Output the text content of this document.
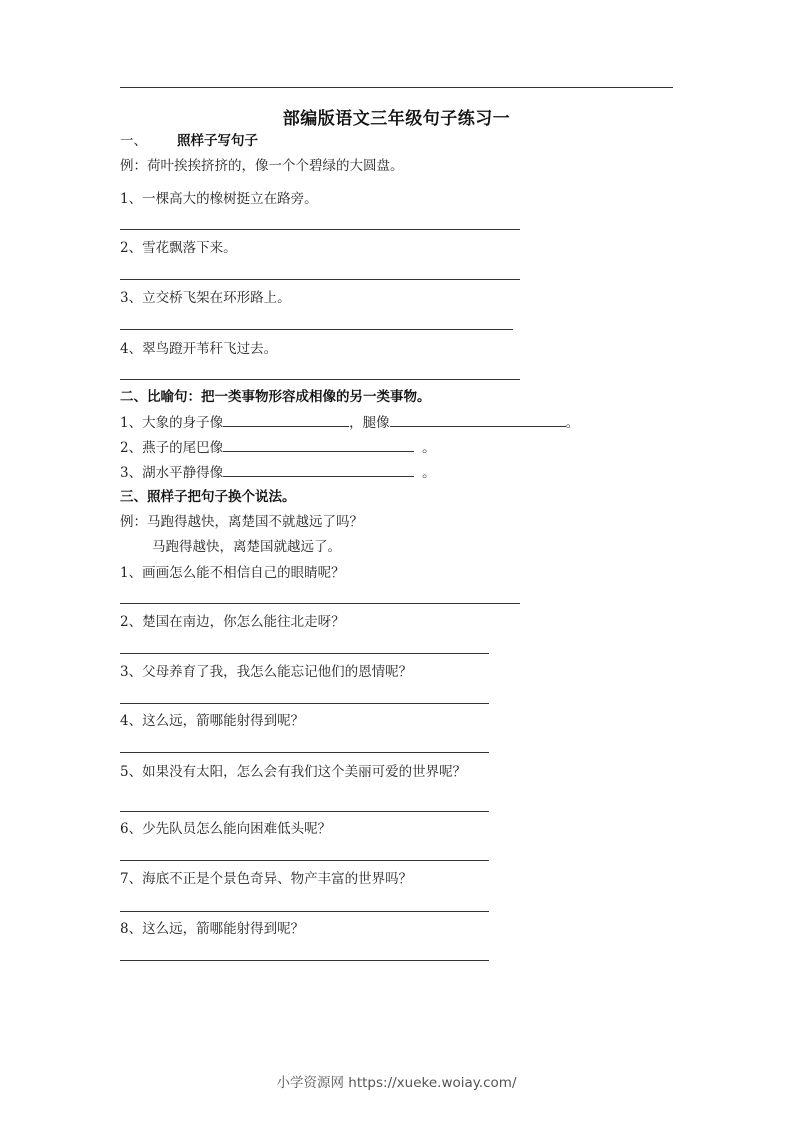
部编版语文三年级句子练习一
一、 照样子写句子
例：荷叶挨挨挤挤的，像一个个碧绿的大圆盘。
1、一棵高大的橡树挺立在路旁。
2、雪花飘落下来。
3、立交桥飞架在环形路上。
4、翠鸟蹬开苇秆飞过去。
二、比喻句：把一类事物形容成相像的另一类事物。
1、大象的身子像	，腿像	。
2、燕子的尾巴像	。
3、湖水平静得像	。
三、照样子把句子换个说法。
例：马跑得越快，离楚国不就越远了吗？
马跑得越快，离楚国就越远了。
1、画画怎么能不相信自己的眼睛呢？
2、楚国在南边，你怎么能往北走呀？
3、父母养育了我，我怎么能忘记他们的恩情呢？
4、这么远，箭哪能射得到呢？
5、如果没有太阳，怎么会有我们这个美丽可爱的世界呢？
6、少先队员怎么能向困难低头呢？
7、海底不正是个景色奇异、物产丰富的世界吗？
8、这么远，箭哪能射得到呢？
小学资源网 https://xueke.woiay.com/
